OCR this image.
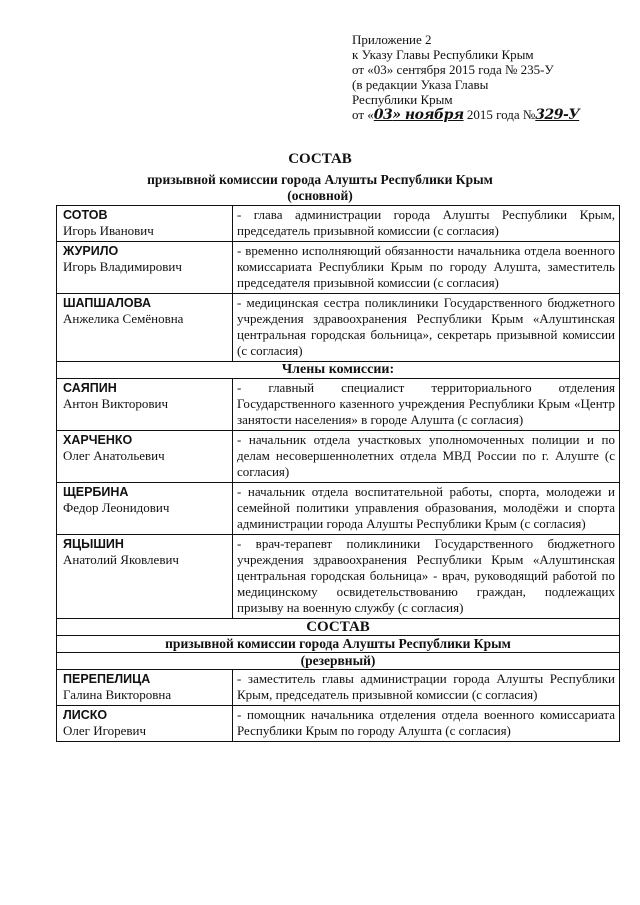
Приложение 2
к Указу Главы Республики Крым
от «03» сентября 2015 года № 235-У
(в редакции Указа Главы
Республики Крым
от «03» ноября 2015 года №329-У
СОСТАВ
призывной комиссии города Алушты Республики Крым
(основной)
СОТОВ
Игорь Иванович	- глава администрации города Алушты Республики Крым, председатель призывной комиссии (с согласия)

ЖУРИЛО
Игорь Владимирович	- временно исполняющий обязанности начальника отдела военного комиссариата Республики Крым по городу Алушта, заместитель председателя призывной комиссии (с согласия)

ШАПШАЛОВА
Анжелика Семёновна	- медицинская сестра поликлиники Государственного бюджетного учреждения здравоохранения Республики Крым «Алуштинская центральная городская больница», секретарь призывной комиссии (с согласия)
Члены комиссии:	

САЯПИН
Антон Викторович	- главный специалист территориального отделения Государственного казенного учреждения Республики Крым «Центр занятости населения» в городе Алушта (с согласия)

ХАРЧЕНКО
Олег Анатольевич	- начальник отдела участковых уполномоченных полиции и по делам несовершеннолетних отдела МВД России по г. Алуште (с согласия)

ЩЕРБИНА
Федор Леонидович	- начальник отдела воспитательной работы, спорта, молодежи и семейной политики управления образования, молодёжи и спорта администрации города Алушты Республики Крым (с согласия)

ЯЦЫШИН
Анатолий Яковлевич	- врач-терапевт поликлиники Государственного бюджетного учреждения здравоохранения Республики Крым «Алуштинская центральная городская больница» - врач, руководящий работой по медицинскому освидетельствованию граждан, подлежащих призыву на военную службу (с согласия)
СОСТАВ	
призывной комиссии города Алушты Республики Крым	
(резервный)	

ПЕРЕПЕЛИЦА
Галина Викторовна	- заместитель главы администрации города Алушты Республики Крым, председатель призывной комиссии (с согласия)

ЛИСКО
Олег Игоревич	- помощник начальника отделения отдела военного комиссариата Республики Крым по городу Алушта (с согласия)
